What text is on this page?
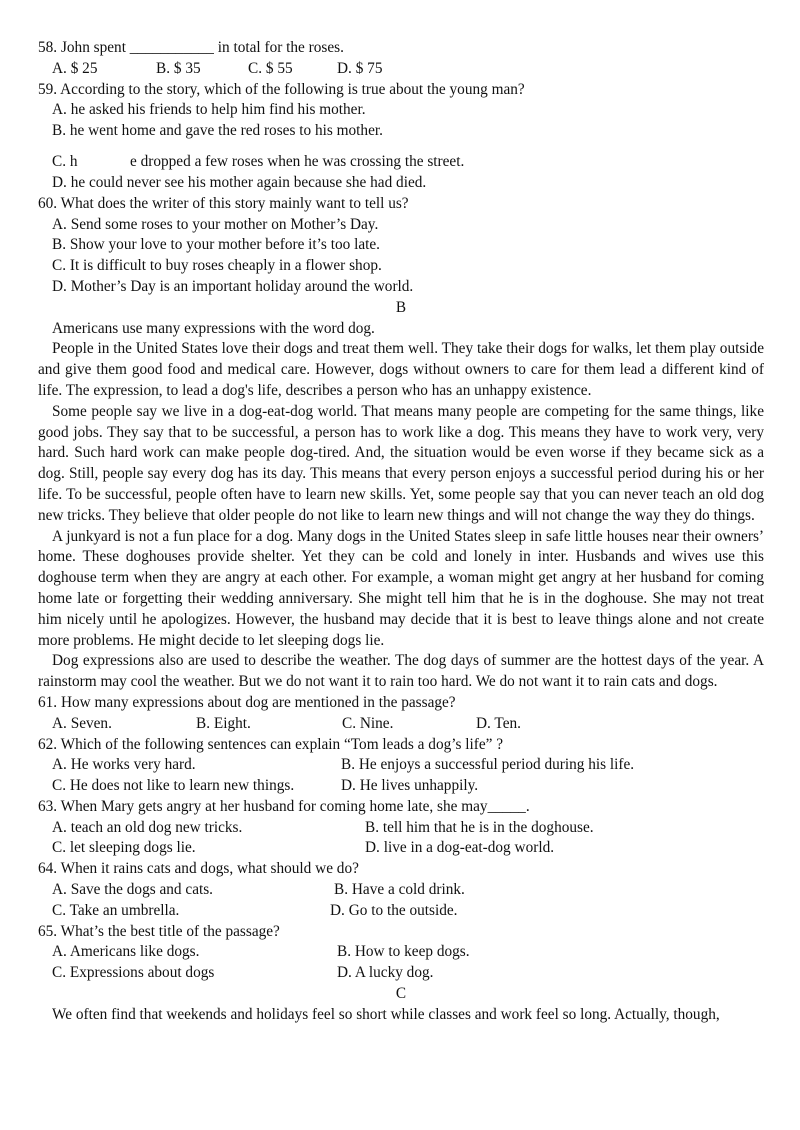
58. John spent ___________ in total for the roses.
A. $ 25	B. $ 35	C. $ 55	D. $ 75
59. According to the story, which of the following is true about the young man?
A. he asked his friends to help him find his mother.
B. he went home and gave the red roses to his mother.
C. h	e dropped a few roses when he was crossing the street.
D. he could never see his mother again because she had died.
60. What does the writer of this story mainly want to tell us?
A. Send some roses to your mother on Mother’s Day.
B. Show your love to your mother before it’s too late.
C. It is difficult to buy roses cheaply in a flower shop.
D. Mother’s Day is an important holiday around the world.
B

Americans use many expressions with the word dog.

People in the United States love their dogs and treat them well. They take their dogs for walks, let them play outside and give them good food and medical care. However, dogs without owners to care for them lead a different kind of life. The expression, to lead a dog's life, describes a person who has an unhappy existence.

Some people say we live in a dog-eat-dog world. That means many people are competing for the same things, like good jobs. They say that to be successful, a person has to work like a dog. This means they have to work very, very hard. Such hard work can make people dog-tired. And, the situation would be even worse if they became sick as a dog. Still, people say every dog has its day. This means that every person enjoys a successful period during his or her life. To be successful, people often have to learn new skills. Yet, some people say that you can never teach an old dog new tricks. They believe that older people do not like to learn new things and will not change the way they do things.

A junkyard is not a fun place for a dog. Many dogs in the United States sleep in safe little houses near their owners’ home. These doghouses provide shelter. Yet they can be cold and lonely in inter. Husbands and wives use this doghouse term when they are angry at each other. For example, a woman might get angry at her husband for coming home late or forgetting their wedding anniversary. She might tell him that he is in the doghouse. She may not treat him nicely until he apologizes. However, the husband may decide that it is best to leave things alone and not create more problems. He might decide to let sleeping dogs lie.

Dog expressions also are used to describe the weather. The dog days of summer are the hottest days of the year. A rainstorm may cool the weather. But we do not want it to rain too hard. We do not want it to rain cats and dogs.

61. How many expressions about dog are mentioned in the passage?
A. Seven.	B. Eight.	C. Nine.	D. Ten.
62. Which of the following sentences can explain “Tom leads a dog’s life” ?
A. He works very hard.	B. He enjoys a successful period during his life.
C. He does not like to learn new things.	D. He lives unhappily.
63. When Mary gets angry at her husband for coming home late, she may_____.
A. teach an old dog new tricks.	B. tell him that he is in the doghouse.
C. let sleeping dogs lie.	D. live in a dog-eat-dog world.
64. When it rains cats and dogs, what should we do?
A. Save the dogs and cats.	B. Have a cold drink.
C. Take an umbrella.	D. Go to the outside.
65. What’s the best title of the passage?
A. Americans like dogs.	B. How to keep dogs.
C. Expressions about dogs	D. A lucky dog.
C
We often find that weekends and holidays feel so short while classes and work feel so long. Actually, though,
